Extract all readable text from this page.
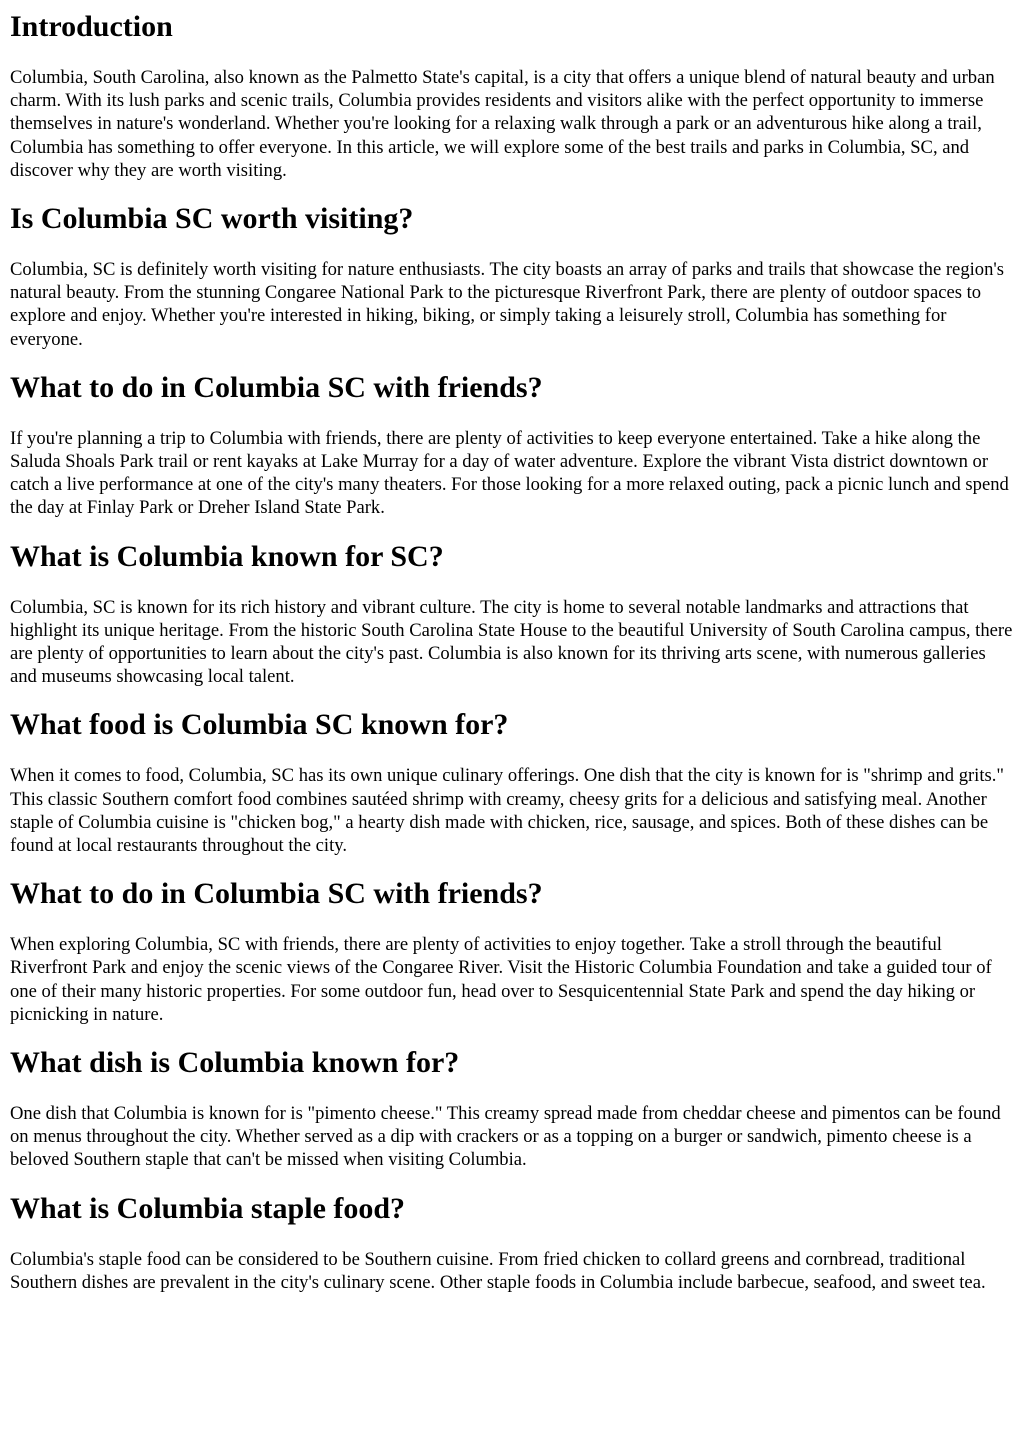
Introduction

Columbia, South Carolina, also known as the Palmetto State's capital, is a city that offers a unique blend of natural beauty and urban charm. With its lush parks and scenic trails, Columbia provides residents and visitors alike with the perfect opportunity to immerse themselves in nature's wonderland. Whether you're looking for a relaxing walk through a park or an adventurous hike along a trail, Columbia has something to offer everyone. In this article, we will explore some of the best trails and parks in Columbia, SC, and discover why they are worth visiting.

Is Columbia SC worth visiting?

Columbia, SC is definitely worth visiting for nature enthusiasts. The city boasts an array of parks and trails that showcase the region's natural beauty. From the stunning Congaree National Park to the picturesque Riverfront Park, there are plenty of outdoor spaces to explore and enjoy. Whether you're interested in hiking, biking, or simply taking a leisurely stroll, Columbia has something for everyone.

What to do in Columbia SC with friends?

If you're planning a trip to Columbia with friends, there are plenty of activities to keep everyone entertained. Take a hike along the Saluda Shoals Park trail or rent kayaks at Lake Murray for a day of water adventure. Explore the vibrant Vista district downtown or catch a live performance at one of the city's many theaters. For those looking for a more relaxed outing, pack a picnic lunch and spend the day at Finlay Park or Dreher Island State Park.

What is Columbia known for SC?

Columbia, SC is known for its rich history and vibrant culture. The city is home to several notable landmarks and attractions that highlight its unique heritage. From the historic South Carolina State House to the beautiful University of South Carolina campus, there are plenty of opportunities to learn about the city's past. Columbia is also known for its thriving arts scene, with numerous galleries and museums showcasing local talent.

What food is Columbia SC known for?

When it comes to food, Columbia, SC has its own unique culinary offerings. One dish that the city is known for is "shrimp and grits." This classic Southern comfort food combines sautéed shrimp with creamy, cheesy grits for a delicious and satisfying meal. Another staple of Columbia cuisine is "chicken bog," a hearty dish made with chicken, rice, sausage, and spices. Both of these dishes can be found at local restaurants throughout the city.

What to do in Columbia SC with friends?

When exploring Columbia, SC with friends, there are plenty of activities to enjoy together. Take a stroll through the beautiful Riverfront Park and enjoy the scenic views of the Congaree River. Visit the Historic Columbia Foundation and take a guided tour of one of their many historic properties. For some outdoor fun, head over to Sesquicentennial State Park and spend the day hiking or picnicking in nature.

What dish is Columbia known for?

One dish that Columbia is known for is "pimento cheese." This creamy spread made from cheddar cheese and pimentos can be found on menus throughout the city. Whether served as a dip with crackers or as a topping on a burger or sandwich, pimento cheese is a beloved Southern staple that can't be missed when visiting Columbia.

What is Columbia staple food?

Columbia's staple food can be considered to be Southern cuisine. From fried chicken to collard greens and cornbread, traditional Southern dishes are prevalent in the city's culinary scene. Other staple foods in Columbia include barbecue, seafood, and sweet tea.
